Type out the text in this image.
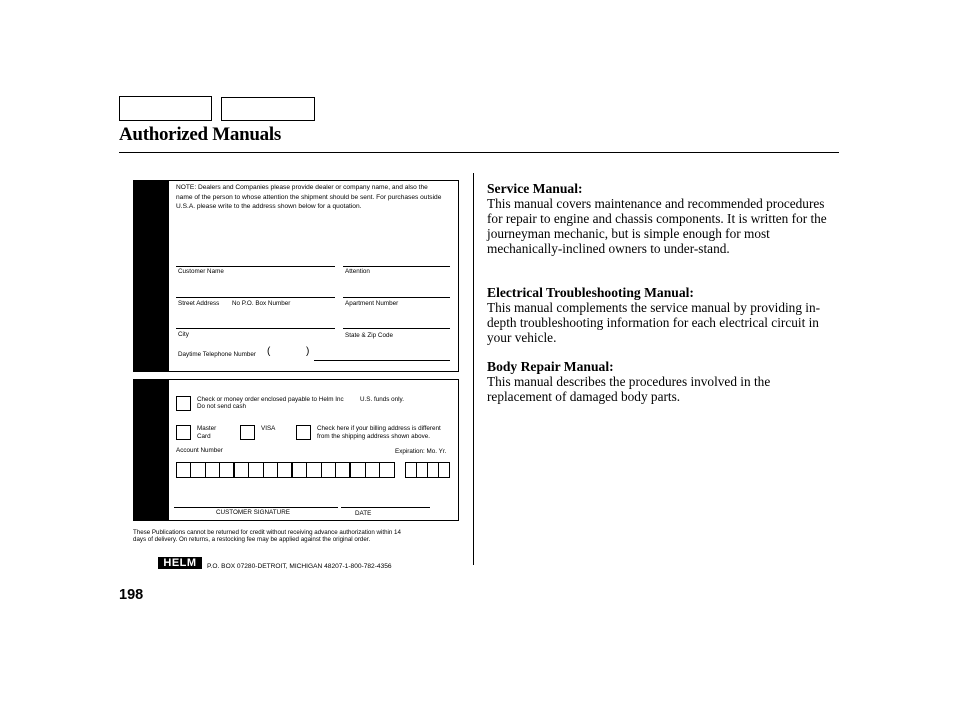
Authorized Manuals
NOTE: Dealers and Companies please provide dealer or company name, and also the name of the person to whose attention the shipment should be sent. For purchases outside U.S.A. please write to the address shown below for a quotation.
Customer Name	Attention
Street Address No P.O. Box Number	Apartment Number
City	State & Zip Code
Daytime Telephone Number (	)
Check or money order enclosed payable to Helm Inc	U.S. funds only.
Do not send cash
Master
Card
VISA	Check here if your billing address is different
from the shipping address shown above.
Account Number	Expiration: Mo. Yr.
CUSTOMER SIGNATURE	DATE
These Publications cannot be returned for credit without receiving advance authorization within 14
days of delivery. On returns, a restocking fee may be applied against the original order.
HELM	P.O. BOX 07280-DETROIT, MICHIGAN 48207-1-800-782-4356
198
Service Manual:

This manual covers maintenance and recommended procedures for repair to engine and chassis components. It is written for the journeyman mechanic, but is simple enough for most mechanically-inclined owners to under-stand.

Electrical Troubleshooting Manual:

This manual complements the service manual by providing in-depth troubleshooting information for each electrical circuit in your vehicle.

Body Repair Manual:

This manual describes the procedures involved in the replacement of damaged body parts.
